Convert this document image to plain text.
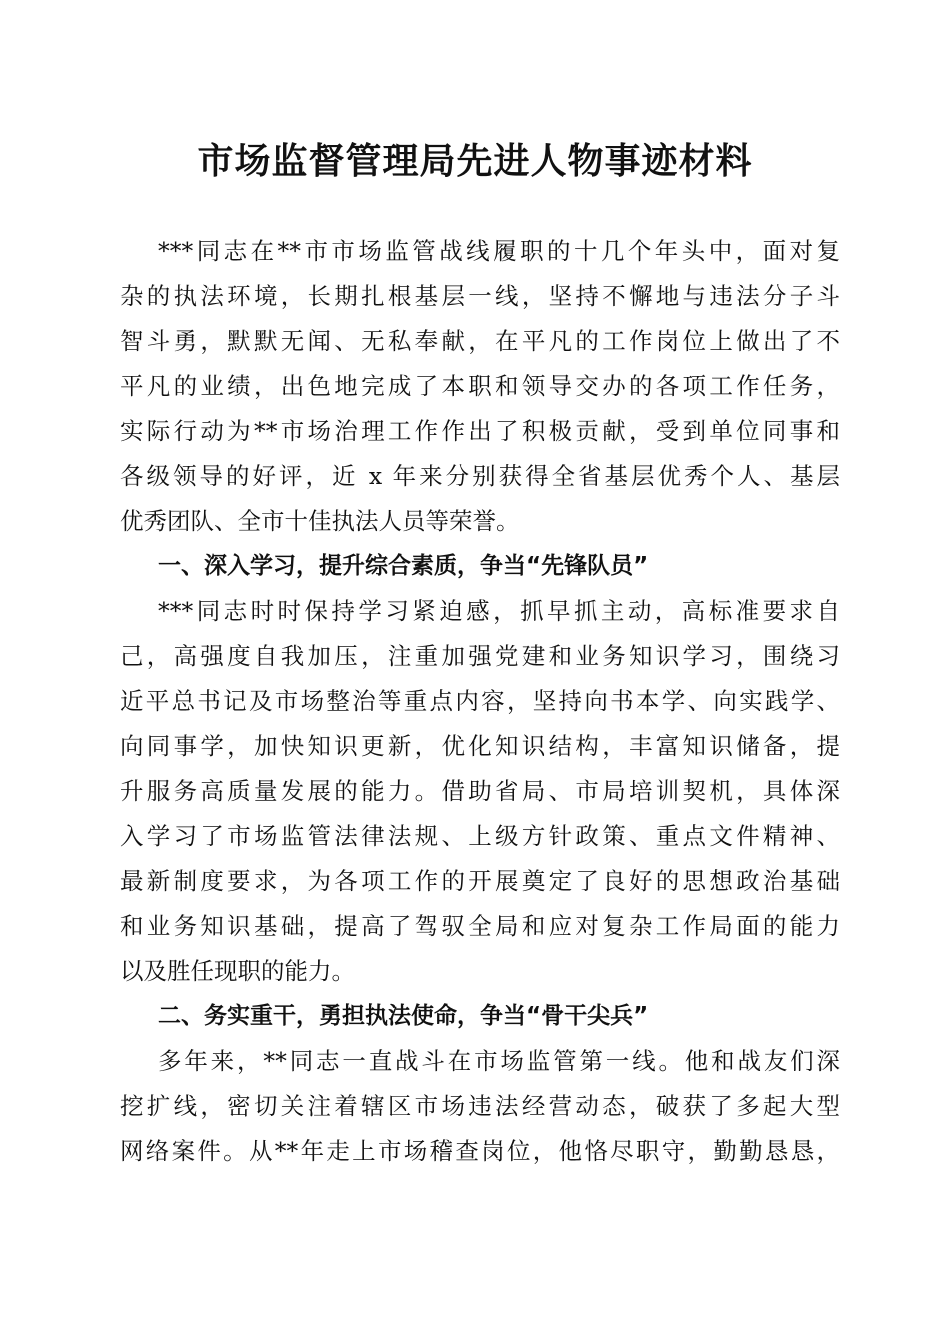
市场监督管理局先进人物事迹材料

***同志在**市市场监管战线履职的十几个年头中，面对复

杂的执法环境，长期扎根基层一线，坚持不懈地与违法分子斗

智斗勇，默默无闻、无私奉献，在平凡的工作岗位上做出了不

平凡的业绩，出色地完成了本职和领导交办的各项工作任务，

实际行动为**市场治理工作作出了积极贡献，受到单位同事和

各级领导的好评，近 x 年来分别获得全省基层优秀个人、基层

优秀团队、全市十佳执法人员等荣誉。

一、深入学习，提升综合素质，争当“先锋队员”

***同志时时保持学习紧迫感，抓早抓主动，高标准要求自

己，高强度自我加压，注重加强党建和业务知识学习，围绕习

近平总书记及市场整治等重点内容，坚持向书本学、向实践学、

向同事学，加快知识更新，优化知识结构，丰富知识储备，提

升服务高质量发展的能力。借助省局、市局培训契机，具体深

入学习了市场监管法律法规、上级方针政策、重点文件精神、

最新制度要求，为各项工作的开展奠定了良好的思想政治基础

和业务知识基础，提高了驾驭全局和应对复杂工作局面的能力

以及胜任现职的能力。

二、务实重干，勇担执法使命，争当“骨干尖兵”

多年来，**同志一直战斗在市场监管第一线。他和战友们深

挖扩线，密切关注着辖区市场违法经营动态，破获了多起大型

网络案件。从**年走上市场稽查岗位，他恪尽职守，勤勤恳恳，
